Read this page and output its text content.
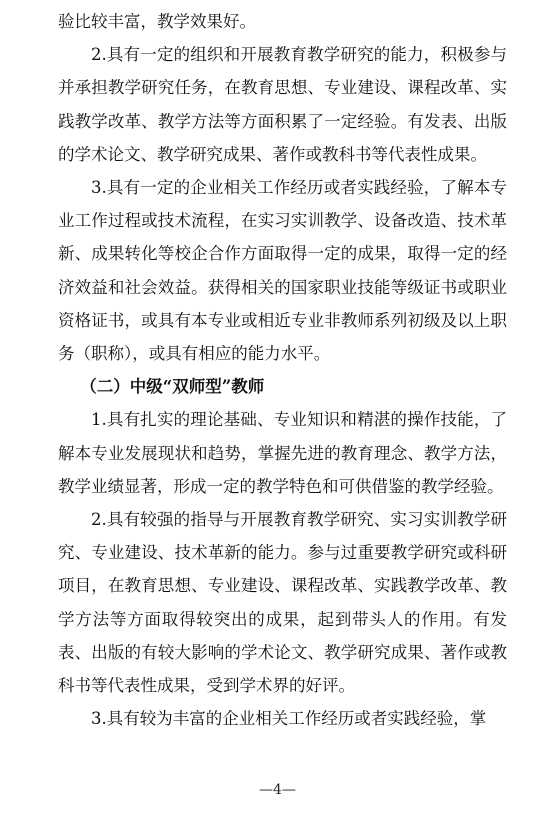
验比较丰富，教学效果好。

2.具有一定的组织和开展教育教学研究的能力，积极参与并承担教学研究任务，在教育思想、专业建设、课程改革、实践教学改革、教学方法等方面积累了一定经验。有发表、出版的学术论文、教学研究成果、著作或教科书等代表性成果。

3.具有一定的企业相关工作经历或者实践经验，了解本专业工作过程或技术流程，在实习实训教学、设备改造、技术革新、成果转化等校企合作方面取得一定的成果，取得一定的经济效益和社会效益。获得相关的国家职业技能等级证书或职业资格证书，或具有本专业或相近专业非教师系列初级及以上职务（职称），或具有相应的能力水平。

（二）中级“双师型”教师

1.具有扎实的理论基础、专业知识和精湛的操作技能，了解本专业发展现状和趋势，掌握先进的教育理念、教学方法，教学业绩显著，形成一定的教学特色和可供借鉴的教学经验。

2.具有较强的指导与开展教育教学研究、实习实训教学研究、专业建设、技术革新的能力。参与过重要教学研究或科研项目，在教育思想、专业建设、课程改革、实践教学改革、教学方法等方面取得较突出的成果，起到带头人的作用。有发表、出版的有较大影响的学术论文、教学研究成果、著作或教科书等代表性成果，受到学术界的好评。

3.具有较为丰富的企业相关工作经历或者实践经验，掌

—4—
